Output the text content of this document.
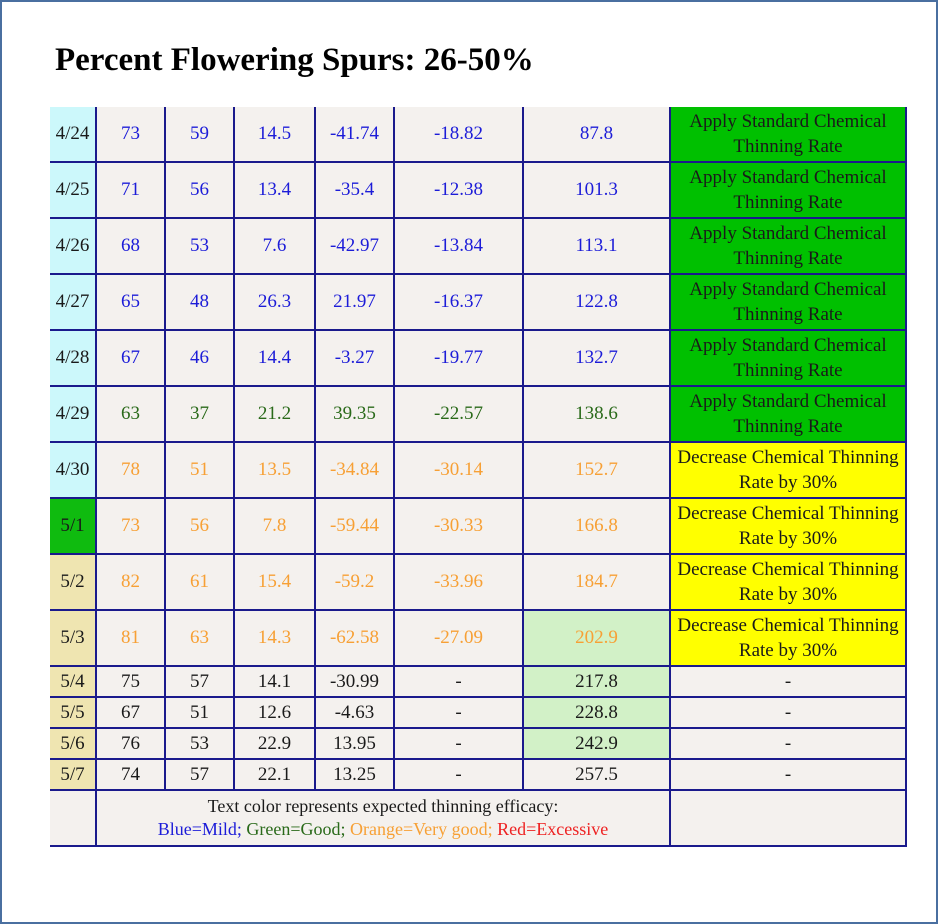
Percent Flowering Spurs: 26-50%
4/24	73	59	14.5	-41.74	-18.82	87.8	Apply Standard Chemical Thinning Rate
4/25	71	56	13.4	-35.4	-12.38	101.3	Apply Standard Chemical Thinning Rate
4/26	68	53	7.6	-42.97	-13.84	113.1	Apply Standard Chemical Thinning Rate
4/27	65	48	26.3	21.97	-16.37	122.8	Apply Standard Chemical Thinning Rate
4/28	67	46	14.4	-3.27	-19.77	132.7	Apply Standard Chemical Thinning Rate
4/29	63	37	21.2	39.35	-22.57	138.6	Apply Standard Chemical Thinning Rate
4/30	78	51	13.5	-34.84	-30.14	152.7	Decrease Chemical Thinning Rate by 30%
5/1	73	56	7.8	-59.44	-30.33	166.8	Decrease Chemical Thinning Rate by 30%
5/2	82	61	15.4	-59.2	-33.96	184.7	Decrease Chemical Thinning Rate by 30%
5/3	81	63	14.3	-62.58	-27.09	202.9	Decrease Chemical Thinning Rate by 30%
5/4	75	57	14.1	-30.99	-	217.8	-
5/5	67	51	12.6	-4.63	-	228.8	-
5/6	76	53	22.9	13.95	-	242.9	-
5/7	74	57	22.1	13.25	-	257.5	-

	Text color represents expected thinning efficacy:
Blue=Mild; Green=Good; Orange=Very good; Red=Excessive						
